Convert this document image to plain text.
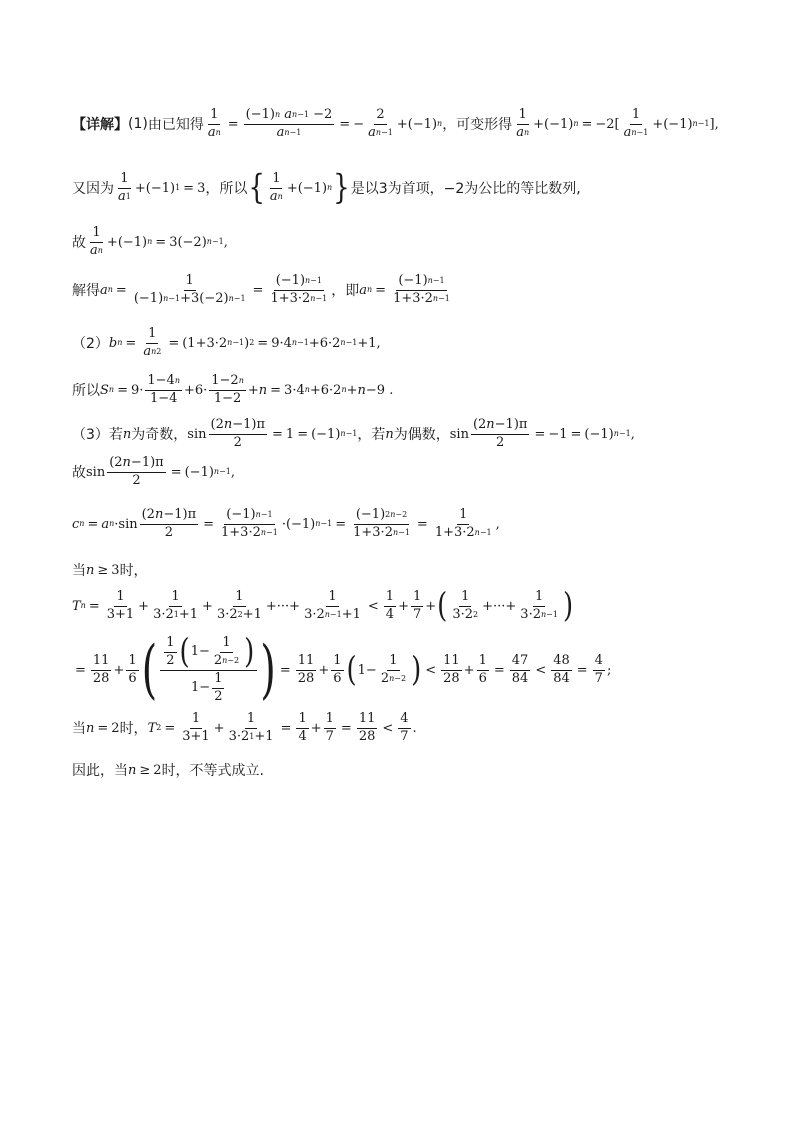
【详解】 (1) 由已知得 $\frac{1}{\text{a n}} = (-1)$ n
a n−1 −2
a n−1 = − $\frac{2}{\text{a n−1}} +(-1)$ n ，可变形得 $\frac{1}{\text{a n}} +(-1) n = -2[ \frac{1}{\text{a n−1}} +(-1)$ n−1 ],
又因为 $\frac{1}{a 1} +(-1) 1 = 3$ ，所以 { $\frac{1}{\text{a n}} +(-1)$ n } 是以3为首项，−2为公比的等比数列,
故 $\frac{1}{\text{a n}} +(-1) n = 3(-2)$ n−1 ,
解得 a $n = \frac{1}{(-1) n-1 +3(-2) n-1} = \frac{(-1) n-1}{1+3\cdot 2 n-1}$ ，即 a $n = \frac{(-1) n-1}{1+3\cdot 2 n-1}$
（2） b $n = \frac{1}{\text{a n 2}} = (1+3\cdot 2$ n−1 ) 2 = 9·4 n−1 +6·2 n−1 +1,
所以 S $n = 9\cdot \frac{1-4 n}{1-4} +6\cdot \frac{1-2 n}{1-2} + n = 3\cdot 4$ n +6·2 n + n −9 .
（3） 若 n 为奇数， $\sin \frac{(2 n -1)\pi}{2} = 1 = (-1)$ n−1 ，若 n 为偶数， $\sin \frac{(2 n -1)\pi}{2} = -1 = (-1)$ n−1 ,
故 $\sin \frac{(2 n -1)\pi}{2} = (-1)$ n−1 ,
c n = a $n \cdot\sin \frac{(2 n -1)\pi}{2} = \frac{(-1) n-1}{1+3\cdot 2 n-1} \cdot(-1) n-1 = \frac{(-1) 2n-2}{1+3\cdot 2 n-1} = \frac{1}{1+3\cdot 2 n-1}$ ,
当 n ≥ 3 时，
T $n = \frac{1}{3+1} + \frac{1}{3\cdot 2 1 +1} + \frac{1}{3\cdot 2 2 +1}$ +···+ $\frac{1}{3\cdot 2 n-1 +1} < \frac{1}{4} + \frac{1}{7}$ + ( $\frac{1}{3\cdot 2 2}$ +···+ $\frac{1}{3\cdot 2 n-1}$ )
= $\frac{11}{28} + \frac{1}{6}$ ( $\frac{\frac{1}{2} ( 1- \frac{1}{2 n-2} )}{1- \frac{1}{2}}$ ) = $\frac{11}{28} + \frac{1}{6}$ ( $1- \frac{1}{2 n-2}$ ) < $\frac{11}{28} + \frac{1}{6} = \frac{47}{84} < \frac{48}{84} = \frac{4}{7}$ ;
当 n = 2 时， T $2 = \frac{1}{3+1} + \frac{1}{3\cdot 2 1 +1} = \frac{1}{4} + \frac{1}{7} = \frac{11}{28} < \frac{4}{7}$ .
因此，当 n ≥ 2 时，不等式成立.
